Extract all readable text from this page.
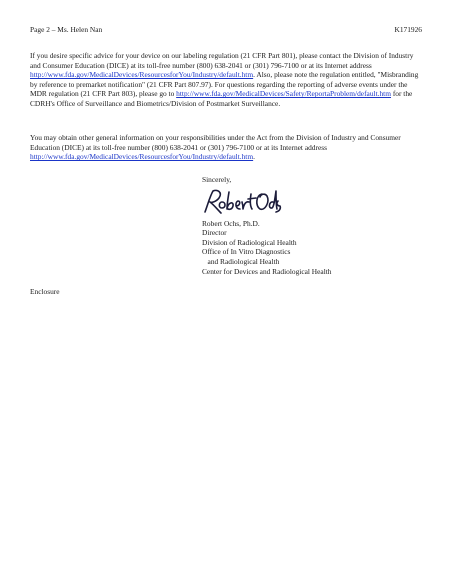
Page 2 – Ms. Helen Nan	K171926

If you desire specific advice for your device on our labeling regulation (21 CFR Part 801), please contact the Division of Industry and Consumer Education (DICE) at its toll-free number (800) 638-2041 or (301) 796-7100 or at its Internet address http://www.fda.gov/MedicalDevices/ResourcesforYou/Industry/default.htm. Also, please note the regulation entitled, "Misbranding by reference to premarket notification" (21 CFR Part 807.97). For questions regarding the reporting of adverse events under the MDR regulation (21 CFR Part 803), please go to http://www.fda.gov/MedicalDevices/Safety/ReportaProblem/default.htm for the CDRH's Office of Surveillance and Biometrics/Division of Postmarket Surveillance.

You may obtain other general information on your responsibilities under the Act from the Division of Industry and Consumer Education (DICE) at its toll-free number (800) 638-2041 or (301) 796-7100 or at its Internet address http://www.fda.gov/MedicalDevices/ResourcesforYou/Industry/default.htm.

Sincerely,
Robert Ochs, Ph.D.
Director
Division of Radiological Health
Office of In Vitro Diagnostics
and Radiological Health
Center for Devices and Radiological Health
Enclosure
